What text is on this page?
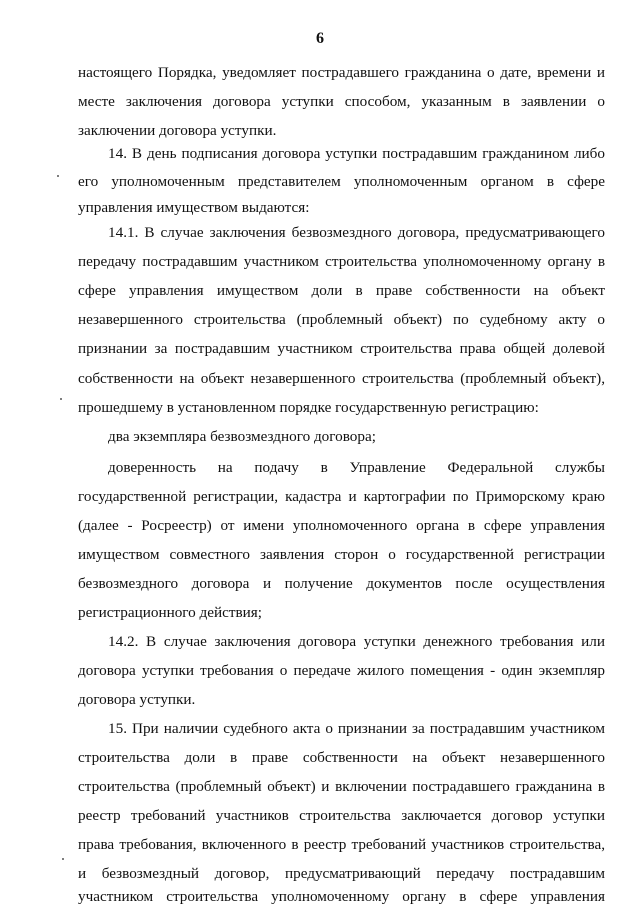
6
настоящего Порядка, уведомляет пострадавшего гражданина о дате, времени и
месте заключения договора уступки способом, указанным в заявлении о
заключении договора уступки.
14. В день подписания договора уступки пострадавшим гражданином либо
его уполномоченным представителем уполномоченным органом в сфере
управления имуществом выдаются:
14.1. В случае заключения безвозмездного договора, предусматривающего
передачу пострадавшим участником строительства уполномоченному органу в
сфере управления имуществом доли в праве собственности на объект
незавершенного строительства (проблемный объект) по судебному акту о
признании за пострадавшим участником строительства права общей долевой
собственности на объект незавершенного строительства (проблемный объект),
прошедшему в установленном порядке государственную регистрацию:
два экземпляра безвозмездного договора;
доверенность на подачу в Управление Федеральной службы
государственной регистрации, кадастра и картографии по Приморскому краю
(далее - Росреестр) от имени уполномоченного органа в сфере управления
имуществом совместного заявления сторон о государственной регистрации
безвозмездного договора и получение документов после осуществления
регистрационного действия;
14.2. В случае заключения договора уступки денежного требования или
договора уступки требования о передаче жилого помещения - один экземпляр
договора уступки.
15. При наличии судебного акта о признании за пострадавшим участником
строительства доли в праве собственности на объект незавершенного
строительства (проблемный объект) и включении пострадавшего гражданина в
реестр требований участников строительства заключается договор уступки
права требования, включенного в реестр требований участников строительства,
и безвозмездный договор, предусматривающий передачу пострадавшим
участником строительства уполномоченному органу в сфере управления
